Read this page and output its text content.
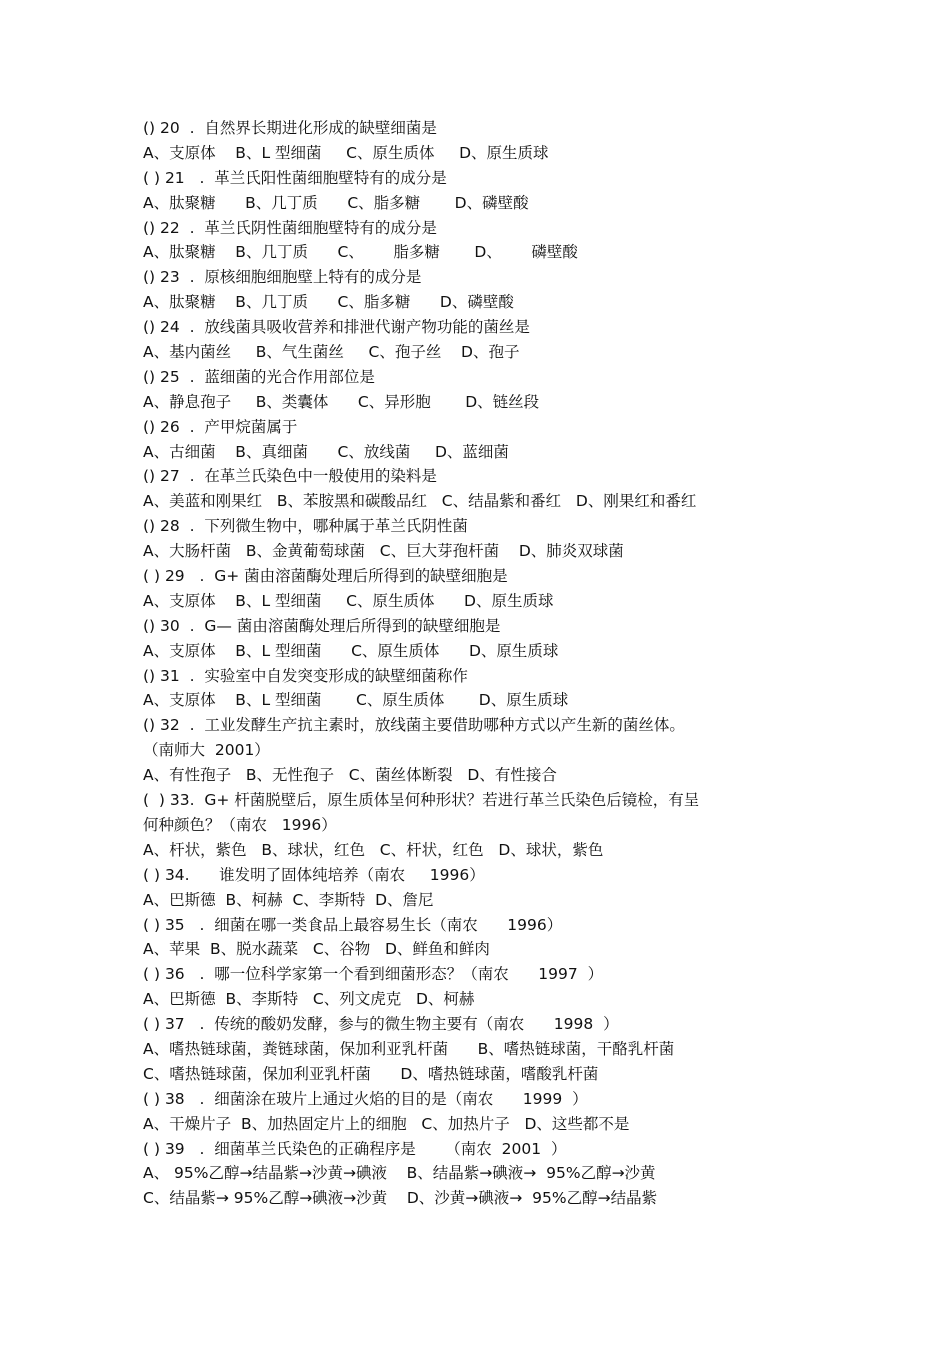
() 20  .  自然界长期进化形成的缺壁细菌是
A、支原体    B、L 型细菌     C、原生质体     D、原生质球
( ) 21   .  革兰氏阳性菌细胞壁特有的成分是
A、肽聚糖      B、几丁质      C、脂多糖       D、磷壁酸
() 22  .  革兰氏阴性菌细胞壁特有的成分是
A、肽聚糖    B、几丁质      C、      脂多糖       D、      磷壁酸
() 23  .  原核细胞细胞壁上特有的成分是
A、肽聚糖    B、几丁质      C、脂多糖      D、磷壁酸
() 24  .  放线菌具吸收营养和排泄代谢产物功能的菌丝是
A、基内菌丝     B、气生菌丝     C、孢子丝    D、孢子
() 25  .  蓝细菌的光合作用部位是
A、静息孢子     B、类囊体      C、异形胞       D、链丝段
() 26  .  产甲烷菌属于
A、古细菌    B、真细菌      C、放线菌     D、蓝细菌
() 27  .  在革兰氏染色中一般使用的染料是
A、美蓝和刚果红   B、苯胺黑和碳酸品红   C、结晶紫和番红   D、刚果红和番红
() 28  .  下列微生物中，哪种属于革兰氏阴性菌
A、大肠杆菌   B、金黄葡萄球菌   C、巨大芽孢杆菌    D、肺炎双球菌
( ) 29   .  G+ 菌由溶菌酶处理后所得到的缺壁细胞是
A、支原体    B、L 型细菌     C、原生质体      D、原生质球
() 30  .  G— 菌由溶菌酶处理后所得到的缺壁细胞是
A、支原体    B、L 型细菌      C、原生质体      D、原生质球
() 31  .  实验室中自发突变形成的缺壁细菌称作
A、支原体    B、L 型细菌       C、原生质体       D、原生质球
() 32  .  工业发酵生产抗主素时，放线菌主要借助哪种方式以产生新的菌丝体。
（南师大  2001）
A、有性孢子   B、无性孢子   C、菌丝体断裂   D、有性接合
(  ) 33.  G+ 杆菌脱壁后，原生质体呈何种形状？若进行革兰氏染色后镜检，有呈
何种颜色？（南农   1996）
A、杆状，紫色   B、球状，红色   C、杆状，红色   D、球状，紫色
( ) 34.      谁发明了固体纯培养（南农     1996）
A、巴斯德  B、柯赫  C、李斯特  D、詹尼
( ) 35   .  细菌在哪一类食品上最容易生长（南农      1996）
A、苹果  B、脱水蔬菜   C、谷物   D、鲜鱼和鲜肉
( ) 36   .  哪一位科学家第一个看到细菌形态？（南农      1997  ）
A、巴斯德  B、李斯特   C、列文虎克   D、柯赫
( ) 37   .  传统的酸奶发酵，参与的微生物主要有（南农      1998  ）
A、嗜热链球菌，粪链球菌，保加利亚乳杆菌      B、嗜热链球菌，干酪乳杆菌
C、嗜热链球菌，保加利亚乳杆菌      D、嗜热链球菌，嗜酸乳杆菌
( ) 38   .  细菌涂在玻片上通过火焰的目的是（南农      1999  ）
A、干燥片子  B、加热固定片上的细胞   C、加热片子   D、这些都不是
( ) 39   .  细菌革兰氏染色的正确程序是      （南农  2001  ）
A、 95%乙醇→结晶紫→沙黄→碘液    B、结晶紫→碘液→  95%乙醇→沙黄
C、结晶紫→ 95%乙醇→碘液→沙黄    D、沙黄→碘液→  95%乙醇→结晶紫
